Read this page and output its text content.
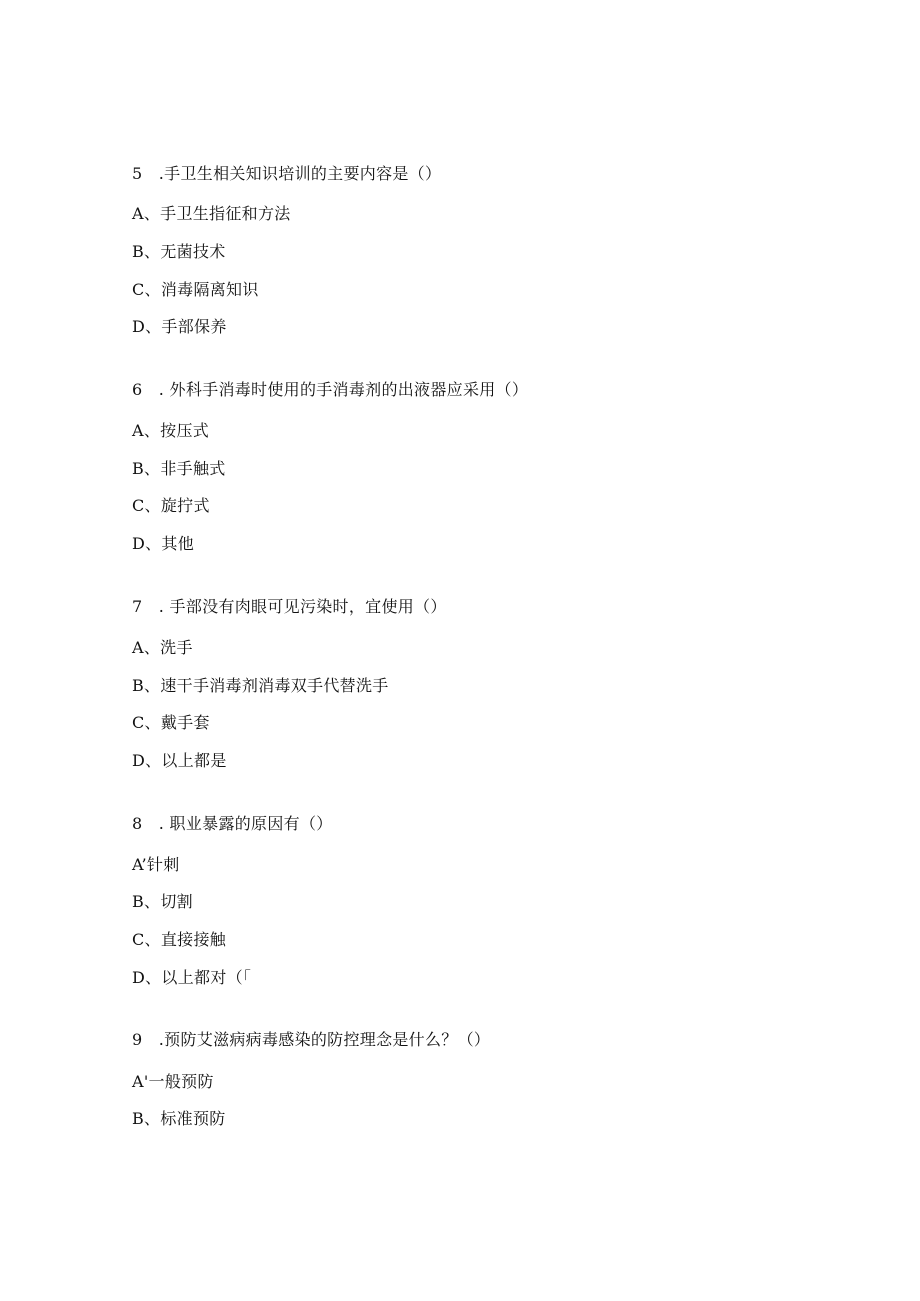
5　.手卫生相关知识培训的主要内容是（）
A、手卫生指征和方法
B、无菌技术
C、消毒隔离知识
D、手部保养
6　. 外科手消毒时使用的手消毒剂的出液器应采用（）
A、按压式
B、非手触式
C、旋拧式
D、其他
7　. 手部没有肉眼可见污染时，宜使用（）
A、洗手
B、速干手消毒剂消毒双手代替洗手
C、戴手套
D、以上都是
8　. 职业暴露的原因有（）
A’针刺
B、切割
C、直接接触
D、以上都对（「
9　.预防艾滋病病毒感染的防控理念是什么？（）
A'一般预防
B、标准预防
